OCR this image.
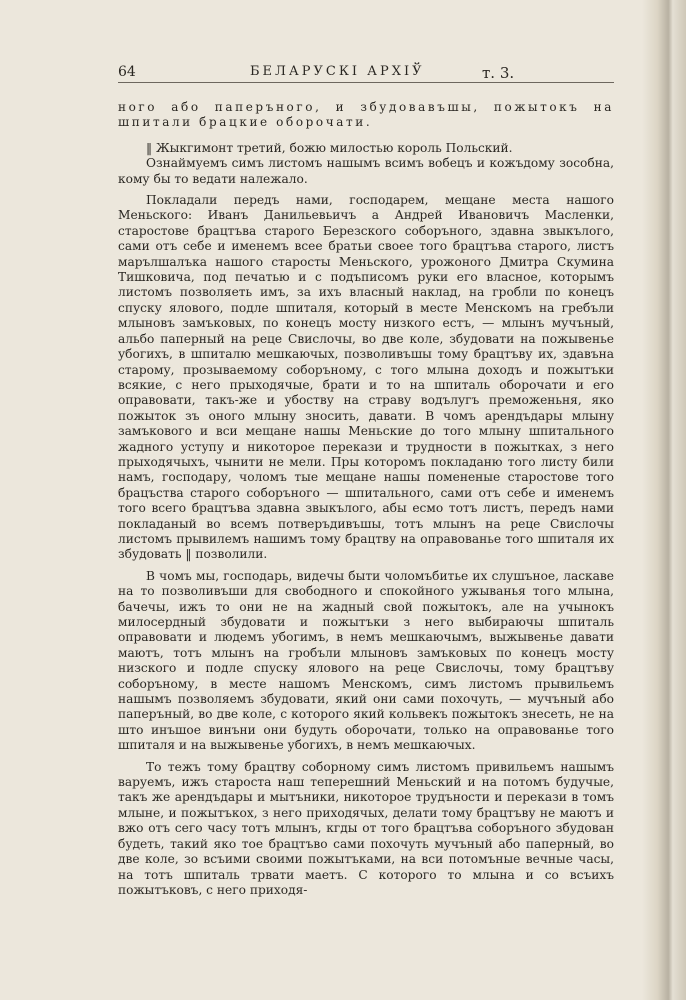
64	БЕЛАРУСКІ АРХІЎ	т. 3.

ного або паперъного, и збудовавъшы, пожытокъ на шпитали брацкие оборочати.

‖ Жыкгимонт третий, божю милостью король Польский.

Ознаймуемъ симъ листомъ нашымъ всимъ вобецъ и кожъдому зособна, кому бы то ведати належало.

Покладали передъ нами, господарем, мещане места нашого Меньского: Иванъ Данильевьичъ а Андрей Ивановичъ Масленки, старостове брацтъва старого Березского соборъного, здавна звыкълого, сами отъ себе и именемъ всее братьи своее того брацтъва старого, листъ марълшалъка нашого старосты Меньского, урожоного Дмитра Скумина Тишковича, под печатью и с подъписомъ руки его власное, которымъ листомъ позволяеть имъ, за ихъ власный наклад, на гробли по конецъ спуску ялового, подле шпиталя, который в месте Менскомъ на гребъли млыновъ замъковых, по конецъ мосту низкого естъ, — млынъ мучъный, альбо паперный на реце Свислочы, во две коле, збудовати на пожывенье убогихъ, в шпиталю мешкаючых, позволивъшы тому брацтъву их, здавъна старому, прозываемому соборъному, с того млына доходъ и пожытъки всякие, с него прыходячые, брати и то на шпиталь оборочати и его оправовати, такъ-же и убоству на страву водълугъ преможеньня, яко пожыток зъ оного млыну зносить, давати. В чомъ арендъдары млыну замъкового и вси мещане нашы Меньские до того млыну шпитального жадного уступу и никоторое перекази и трудности в пожытках, з него прыходячыхъ, чынити не мели. Пры которомъ покладаню того листу били намъ, господару, чоломъ тые мещане нашы помененые старостове того брацъства старого соборъного — шпитального, сами отъ себе и именемъ того всего брацтъва здавна звыкълого, абы есмо тотъ листъ, передъ нами покладаный во всемъ потверъдивъшы, тотъ млынъ на реце Свислочы листомъ прывилемъ нашимъ тому брацтву на оправованье того шпиталя их збудовать ‖ позволили.

В чомъ мы, господарь, видечы быти чоломъбитье их слушъное, ласкаве на то позволивъши для свободного и спокойного ужыванья того млына, бачечы, ижъ то они не на жадный свой пожытокъ, але на учынокъ милосердный збудовати и пожытъки з него выбираючы шпиталь оправовати и людемъ убогимъ, в немъ мешкаючымъ, выжывенье давати маютъ, тотъ млынъ на гробъли млыновъ замъковых по конецъ мосту низского и подле спуску ялового на реце Свислочы, тому брацтъву соборъному, в месте нашомъ Менскомъ, симъ листомъ прывильемъ нашымъ позволяемъ збудовати, який они сами похочуть, — мучъный або паперъный, во две коле, с которого який кольвекъ пожытокъ знесеть, не на што инъшое винъни они будуть оборочати, только на оправованье того шпиталя и на выжывенье убогихъ, в немъ мешкаючых.

То тежъ тому брацтву соборному симъ листомъ привильемъ нашымъ варуемъ, ижъ староста наш теперешний Меньский и на потомъ будучые, такъ же арендъдары и мытъники, никоторое трудъности и перекази в томъ млыне, и пожытъкох, з него приходячых, делати тому брацтъву не маютъ и вжо отъ сего часу тотъ млынъ, кгды от того брацтъва соборъного збудован будеть, такий яко тое брацтъво сами похочуть мучъный або паперный, во две коле, зо всъими своими пожытъками, на вси потомъные вечные часы, на тотъ шпиталь трвати маетъ. С которого то млына и со всъихъ пожытъковъ, с него приходя-
